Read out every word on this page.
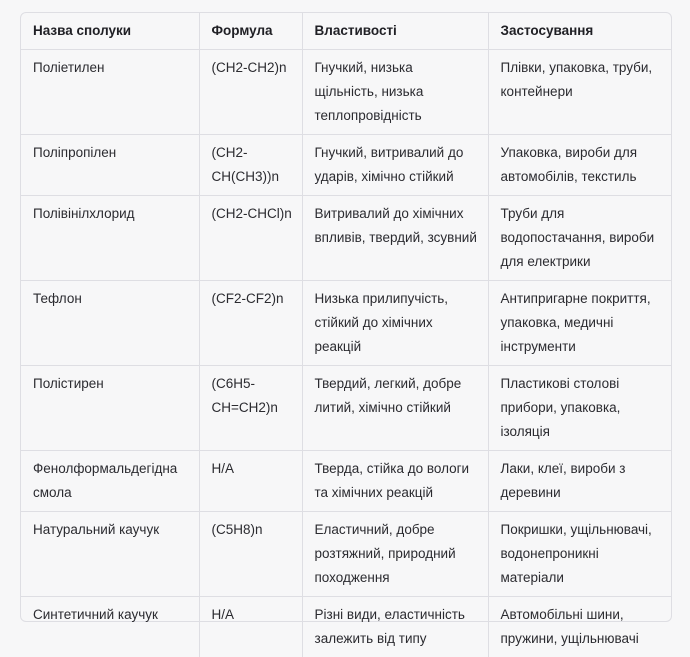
Назва сполуки	Формула	Властивості	Застосування
Поліетилен	(CH2-CH2)n	Гнучкий, низька щільність, низька теплопровідність	Плівки, упаковка, труби, контейнери
Поліпропілен	(CH2-CH(CH3))n	Гнучкий, витривалий до ударів, хімічно стійкий	Упаковка, вироби для автомобілів, текстиль
Полівінілхлорид	(CH2-CHCl)n	Витривалий до хімічних впливів, твердий, зсувний	Труби для водопостачання, вироби для електрики
Тефлон	(CF2-CF2)n	Низька прилипучість, стійкий до хімічних реакцій	Антипригарне покриття, упаковка, медичні інструменти
Полістирен	(C6H5-CH=CH2)n	Твердий, легкий, добре литий, хімічно стійкий	Пластикові столові прибори, упаковка, ізоляція
Фенолформальдегідна смола	Н/А	Тверда, стійка до вологи та хімічних реакцій	Лаки, клеї, вироби з деревини
Натуральний каучук	(C5H8)n	Еластичний, добре розтяжний, природний походження	Покришки, ущільнювачі, водонепроникні матеріали
Синтетичний каучук	Н/А	Різні види, еластичність залежить від типу	Автомобільні шини, пружини, ущільнювачі
